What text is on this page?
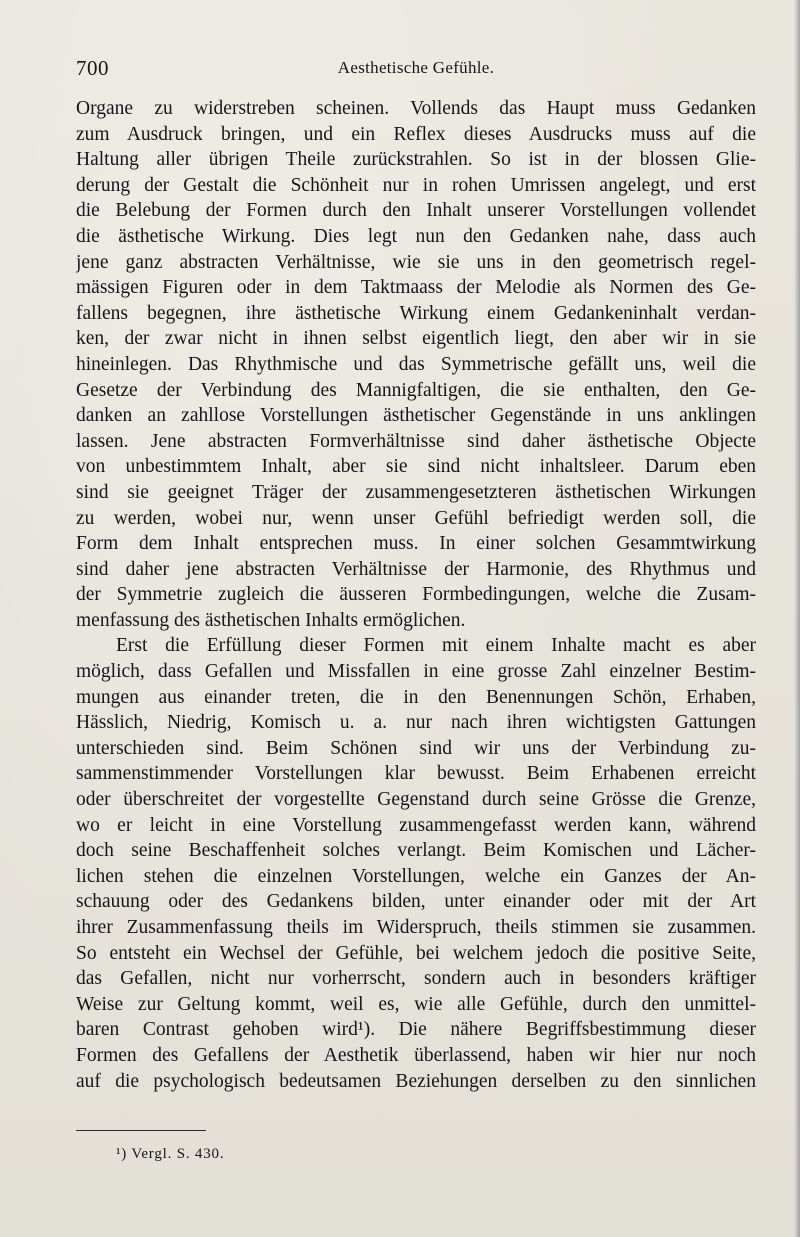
700	Aesthetische Gefühle.
Organe zu widerstreben scheinen. Vollends das Haupt muss Gedanken
zum Ausdruck bringen, und ein Reflex dieses Ausdrucks muss auf die
Haltung aller übrigen Theile zurückstrahlen. So ist in der blossen Glie-
derung der Gestalt die Schönheit nur in rohen Umrissen angelegt, und erst
die Belebung der Formen durch den Inhalt unserer Vorstellungen vollendet
die ästhetische Wirkung. Dies legt nun den Gedanken nahe, dass auch
jene ganz abstracten Verhältnisse, wie sie uns in den geometrisch regel-
mässigen Figuren oder in dem Taktmaass der Melodie als Normen des Ge-
fallens begegnen, ihre ästhetische Wirkung einem Gedankeninhalt verdan-
ken, der zwar nicht in ihnen selbst eigentlich liegt, den aber wir in sie
hineinlegen. Das Rhythmische und das Symmetrische gefällt uns, weil die
Gesetze der Verbindung des Mannigfaltigen, die sie enthalten, den Ge-
danken an zahllose Vorstellungen ästhetischer Gegenstände in uns anklingen
lassen. Jene abstracten Formverhältnisse sind daher ästhetische Objecte
von unbestimmtem Inhalt, aber sie sind nicht inhaltsleer. Darum eben
sind sie geeignet Träger der zusammengesetzteren ästhetischen Wirkungen
zu werden, wobei nur, wenn unser Gefühl befriedigt werden soll, die
Form dem Inhalt entsprechen muss. In einer solchen Gesammtwirkung
sind daher jene abstracten Verhältnisse der Harmonie, des Rhythmus und
der Symmetrie zugleich die äusseren Formbedingungen, welche die Zusam-
menfassung des ästhetischen Inhalts ermöglichen.
Erst die Erfüllung dieser Formen mit einem Inhalte macht es aber
möglich, dass Gefallen und Missfallen in eine grosse Zahl einzelner Bestim-
mungen aus einander treten, die in den Benennungen Schön, Erhaben,
Hässlich, Niedrig, Komisch u. a. nur nach ihren wichtigsten Gattungen
unterschieden sind. Beim Schönen sind wir uns der Verbindung zu-
sammenstimmender Vorstellungen klar bewusst. Beim Erhabenen erreicht
oder überschreitet der vorgestellte Gegenstand durch seine Grösse die Grenze,
wo er leicht in eine Vorstellung zusammengefasst werden kann, während
doch seine Beschaffenheit solches verlangt. Beim Komischen und Lächer-
lichen stehen die einzelnen Vorstellungen, welche ein Ganzes der An-
schauung oder des Gedankens bilden, unter einander oder mit der Art
ihrer Zusammenfassung theils im Widerspruch, theils stimmen sie zusammen.
So entsteht ein Wechsel der Gefühle, bei welchem jedoch die positive Seite,
das Gefallen, nicht nur vorherrscht, sondern auch in besonders kräftiger
Weise zur Geltung kommt, weil es, wie alle Gefühle, durch den unmittel-
baren Contrast gehoben wird¹). Die nähere Begriffsbestimmung dieser
Formen des Gefallens der Aesthetik überlassend, haben wir hier nur noch
auf die psychologisch bedeutsamen Beziehungen derselben zu den sinnlichen
¹) Vergl. S. 430.
